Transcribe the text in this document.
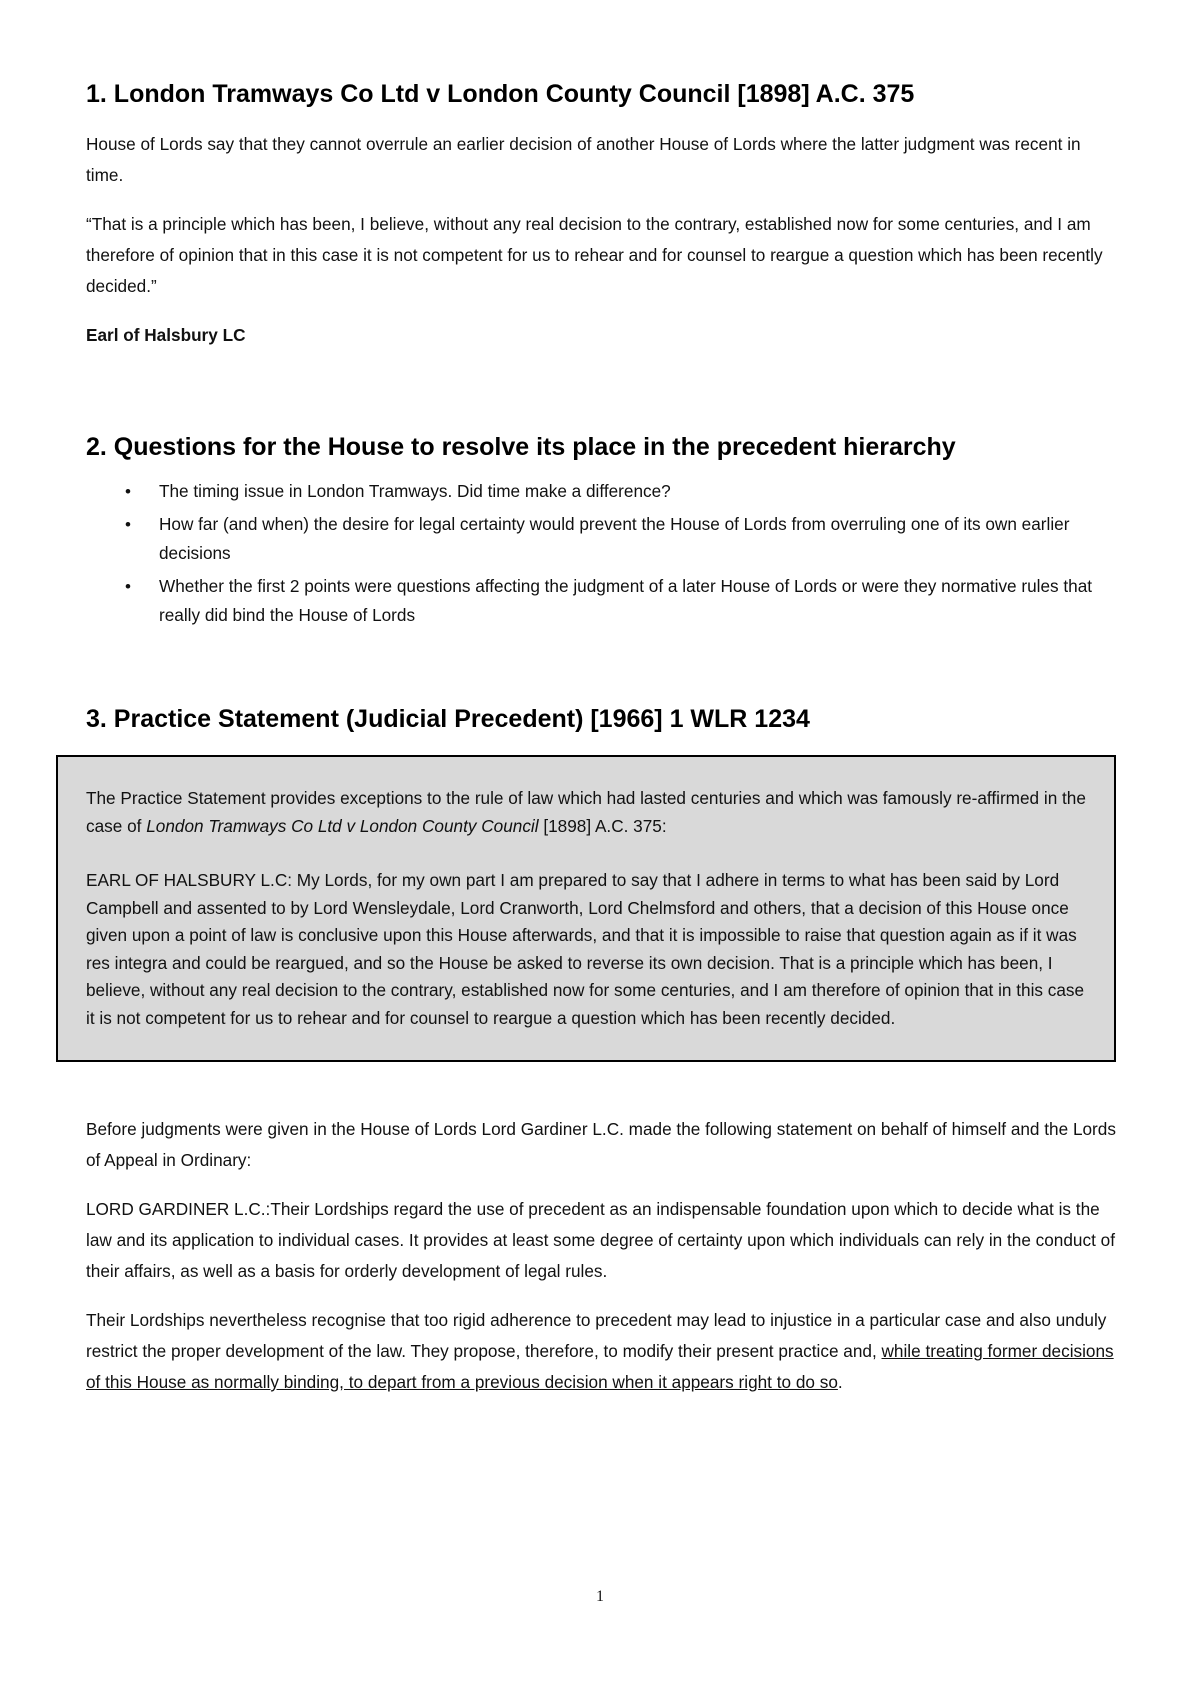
1. London Tramways Co Ltd v London County Council [1898] A.C. 375

House of Lords say that they cannot overrule an earlier decision of another House of Lords where the latter judgment was recent in time.

“That is a principle which has been, I believe, without any real decision to the contrary, established now for some centuries, and I am therefore of opinion that in this case it is not competent for us to rehear and for counsel to reargue a question which has been recently decided.”

Earl of Halsbury LC

2. Questions for the House to resolve its place in the precedent hierarchy
• The timing issue in London Tramways. Did time make a difference?
• How far (and when) the desire for legal certainty would prevent the House of Lords from overruling one of its own earlier decisions
• Whether the first 2 points were questions affecting the judgment of a later House of Lords or were they normative rules that really did bind the House of Lords
3. Practice Statement (Judicial Precedent) [1966] 1 WLR 1234

The Practice Statement provides exceptions to the rule of law which had lasted centuries and which was famously re-affirmed in the case of London Tramways Co Ltd v London County Council [1898] A.C. 375:

EARL OF HALSBURY L.C: My Lords, for my own part I am prepared to say that I adhere in terms to what has been said by Lord Campbell and assented to by Lord Wensleydale, Lord Cranworth, Lord Chelmsford and others, that a decision of this House once given upon a point of law is conclusive upon this House afterwards, and that it is impossible to raise that question again as if it was res integra and could be reargued, and so the House be asked to reverse its own decision. That is a principle which has been, I believe, without any real decision to the contrary, established now for some centuries, and I am therefore of opinion that in this case it is not competent for us to rehear and for counsel to reargue a question which has been recently decided.

Before judgments were given in the House of Lords Lord Gardiner L.C. made the following statement on behalf of himself and the Lords of Appeal in Ordinary:

LORD GARDINER L.C.:Their Lordships regard the use of precedent as an indispensable foundation upon which to decide what is the law and its application to individual cases. It provides at least some degree of certainty upon which individuals can rely in the conduct of their affairs, as well as a basis for orderly development of legal rules.

Their Lordships nevertheless recognise that too rigid adherence to precedent may lead to injustice in a particular case and also unduly restrict the proper development of the law. They propose, therefore, to modify their present practice and, while treating former decisions of this House as normally binding, to depart from a previous decision when it appears right to do so.

1
